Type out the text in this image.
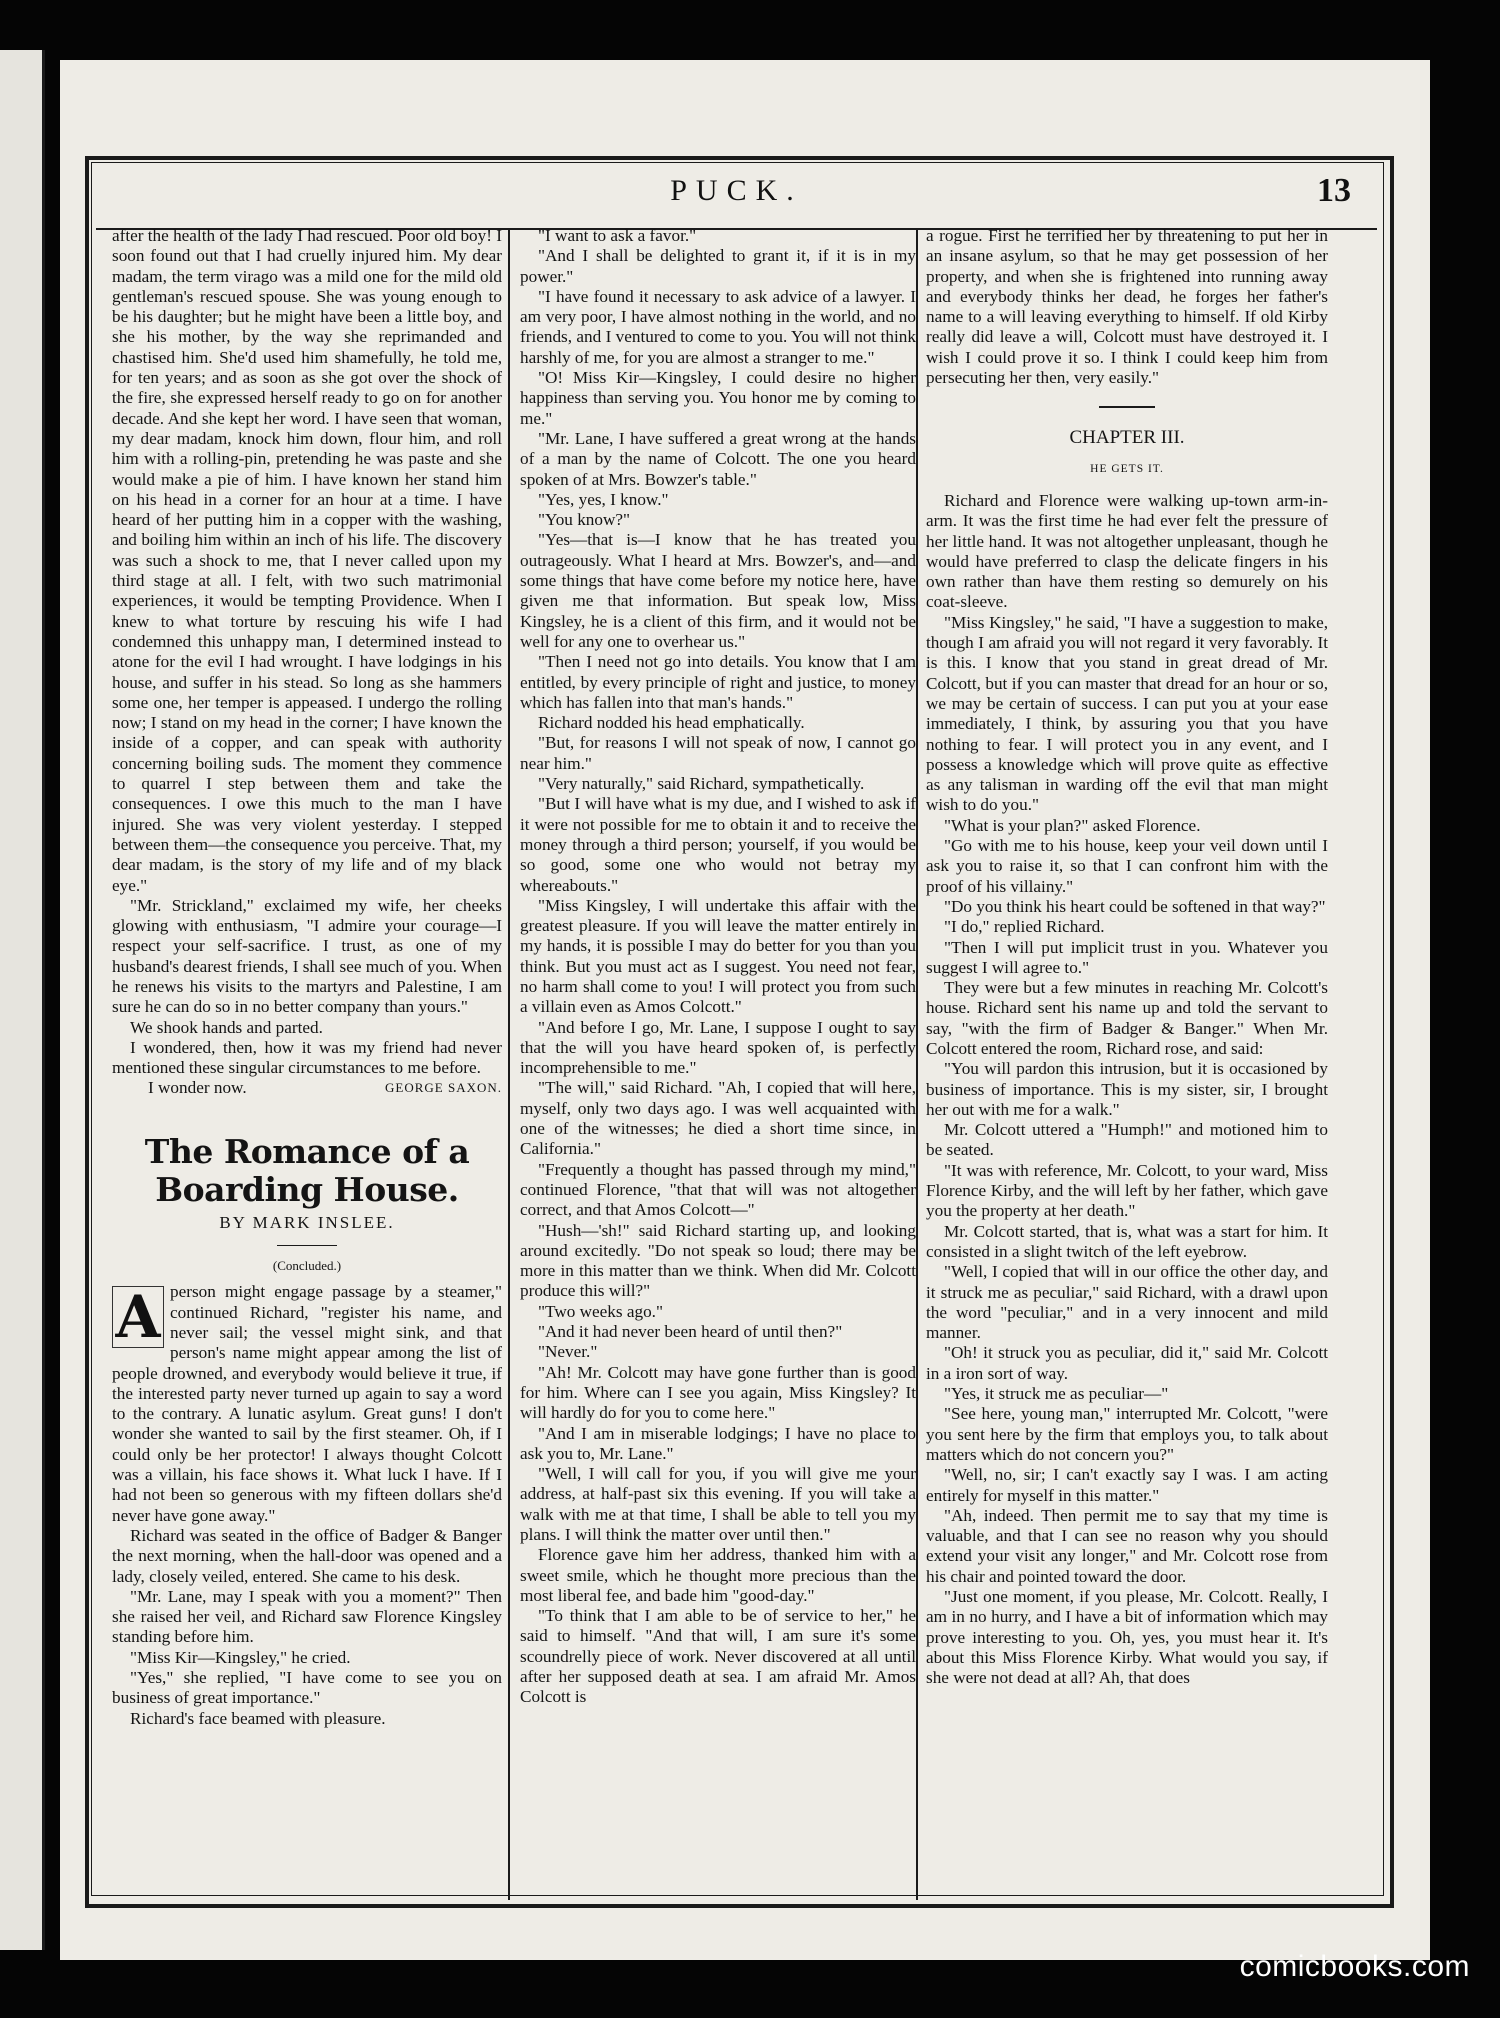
PUCK.	13

after the health of the lady I had rescued. Poor old boy! I soon found out that I had cruelly injured him. My dear madam, the term virago was a mild one for the mild old gentleman's rescued spouse. She was young enough to be his daughter; but he might have been a little boy, and she his mother, by the way she reprimanded and chastised him. She'd used him shamefully, he told me, for ten years; and as soon as she got over the shock of the fire, she expressed herself ready to go on for another decade. And she kept her word. I have seen that woman, my dear madam, knock him down, flour him, and roll him with a rolling-pin, pretending he was paste and she would make a pie of him. I have known her stand him on his head in a corner for an hour at a time. I have heard of her putting him in a copper with the washing, and boiling him within an inch of his life. The discovery was such a shock to me, that I never called upon my third stage at all. I felt, with two such matrimonial experiences, it would be tempting Providence. When I knew to what torture by rescuing his wife I had condemned this unhappy man, I determined instead to atone for the evil I had wrought. I have lodgings in his house, and suffer in his stead. So long as she hammers some one, her temper is appeased. I undergo the rolling now; I stand on my head in the corner; I have known the inside of a copper, and can speak with authority concerning boiling suds. The moment they commence to quarrel I step between them and take the consequences. I owe this much to the man I have injured. She was very violent yesterday. I stepped between them—the consequence you perceive. That, my dear madam, is the story of my life and of my black eye."

"Mr. Strickland," exclaimed my wife, her cheeks glowing with enthusiasm, "I admire your courage—I respect your self-sacrifice. I trust, as one of my husband's dearest friends, I shall see much of you. When he renews his visits to the martyrs and Palestine, I am sure he can do so in no better company than yours."

We shook hands and parted.

I wondered, then, how it was my friend had never mentioned these singular circumstances to me before.

I wonder now.	GEORGE SAXON.

The Romance of a Boarding House.
BY MARK INSLEE.
(Concluded.)

A person might engage passage by a steamer," continued Richard, "register his name, and never sail; the vessel might sink, and that person's name might appear among the list of people drowned, and everybody would believe it true, if the interested party never turned up again to say a word to the contrary. A lunatic asylum. Great guns! I don't wonder she wanted to sail by the first steamer. Oh, if I could only be her protector! I always thought Colcott was a villain, his face shows it. What luck I have. If I had not been so generous with my fifteen dollars she'd never have gone away."

Richard was seated in the office of Badger & Banger the next morning, when the hall-door was opened and a lady, closely veiled, entered. She came to his desk.

"Mr. Lane, may I speak with you a moment?" Then she raised her veil, and Richard saw Florence Kingsley standing before him.

"Miss Kir—Kingsley," he cried.

"Yes," she replied, "I have come to see you on business of great importance."

Richard's face beamed with pleasure.

"I want to ask a favor."

"And I shall be delighted to grant it, if it is in my power."

"I have found it necessary to ask advice of a lawyer. I am very poor, I have almost nothing in the world, and no friends, and I ventured to come to you. You will not think harshly of me, for you are almost a stranger to me."

"O! Miss Kir—Kingsley, I could desire no higher happiness than serving you. You honor me by coming to me."

"Mr. Lane, I have suffered a great wrong at the hands of a man by the name of Colcott. The one you heard spoken of at Mrs. Bowzer's table."

"Yes, yes, I know."

"You know?"

"Yes—that is—I know that he has treated you outrageously. What I heard at Mrs. Bowzer's, and—and some things that have come before my notice here, have given me that information. But speak low, Miss Kingsley, he is a client of this firm, and it would not be well for any one to overhear us."

"Then I need not go into details. You know that I am entitled, by every principle of right and justice, to money which has fallen into that man's hands."

Richard nodded his head emphatically.

"But, for reasons I will not speak of now, I cannot go near him."

"Very naturally," said Richard, sympathetically.

"But I will have what is my due, and I wished to ask if it were not possible for me to obtain it and to receive the money through a third person; yourself, if you would be so good, some one who would not betray my whereabouts."

"Miss Kingsley, I will undertake this affair with the greatest pleasure. If you will leave the matter entirely in my hands, it is possible I may do better for you than you think. But you must act as I suggest. You need not fear, no harm shall come to you! I will protect you from such a villain even as Amos Colcott."

"And before I go, Mr. Lane, I suppose I ought to say that the will you have heard spoken of, is perfectly incomprehensible to me."

"The will," said Richard. "Ah, I copied that will here, myself, only two days ago. I was well acquainted with one of the witnesses; he died a short time since, in California."

"Frequently a thought has passed through my mind," continued Florence, "that that will was not altogether correct, and that Amos Colcott—"

"Hush—'sh!" said Richard starting up, and looking around excitedly. "Do not speak so loud; there may be more in this matter than we think. When did Mr. Colcott produce this will?"

"Two weeks ago."

"And it had never been heard of until then?"

"Never."

"Ah! Mr. Colcott may have gone further than is good for him. Where can I see you again, Miss Kingsley? It will hardly do for you to come here."

"And I am in miserable lodgings; I have no place to ask you to, Mr. Lane."

"Well, I will call for you, if you will give me your address, at half-past six this evening. If you will take a walk with me at that time, I shall be able to tell you my plans. I will think the matter over until then."

Florence gave him her address, thanked him with a sweet smile, which he thought more precious than the most liberal fee, and bade him "good-day."

"To think that I am able to be of service to her," he said to himself. "And that will, I am sure it's some scoundrelly piece of work. Never discovered at all until after her supposed death at sea. I am afraid Mr. Amos Colcott is

a rogue. First he terrified her by threatening to put her in an insane asylum, so that he may get possession of her property, and when she is frightened into running away and everybody thinks her dead, he forges her father's name to a will leaving everything to himself. If old Kirby really did leave a will, Colcott must have destroyed it. I wish I could prove it so. I think I could keep him from persecuting her then, very easily."

CHAPTER III.
HE GETS IT.

Richard and Florence were walking up-town arm-in-arm. It was the first time he had ever felt the pressure of her little hand. It was not altogether unpleasant, though he would have preferred to clasp the delicate fingers in his own rather than have them resting so demurely on his coat-sleeve.

"Miss Kingsley," he said, "I have a suggestion to make, though I am afraid you will not regard it very favorably. It is this. I know that you stand in great dread of Mr. Colcott, but if you can master that dread for an hour or so, we may be certain of success. I can put you at your ease immediately, I think, by assuring you that you have nothing to fear. I will protect you in any event, and I possess a knowledge which will prove quite as effective as any talisman in warding off the evil that man might wish to do you."

"What is your plan?" asked Florence.

"Go with me to his house, keep your veil down until I ask you to raise it, so that I can confront him with the proof of his villainy."

"Do you think his heart could be softened in that way?"

"I do," replied Richard.

"Then I will put implicit trust in you. Whatever you suggest I will agree to."

They were but a few minutes in reaching Mr. Colcott's house. Richard sent his name up and told the servant to say, "with the firm of Badger & Banger." When Mr. Colcott entered the room, Richard rose, and said:

"You will pardon this intrusion, but it is occasioned by business of importance. This is my sister, sir, I brought her out with me for a walk."

Mr. Colcott uttered a "Humph!" and motioned him to be seated.

"It was with reference, Mr. Colcott, to your ward, Miss Florence Kirby, and the will left by her father, which gave you the property at her death."

Mr. Colcott started, that is, what was a start for him. It consisted in a slight twitch of the left eyebrow.

"Well, I copied that will in our office the other day, and it struck me as peculiar," said Richard, with a drawl upon the word "peculiar," and in a very innocent and mild manner.

"Oh! it struck you as peculiar, did it," said Mr. Colcott in a iron sort of way.

"Yes, it struck me as peculiar—"

"See here, young man," interrupted Mr. Colcott, "were you sent here by the firm that employs you, to talk about matters which do not concern you?"

"Well, no, sir; I can't exactly say I was. I am acting entirely for myself in this matter."

"Ah, indeed. Then permit me to say that my time is valuable, and that I can see no reason why you should extend your visit any longer," and Mr. Colcott rose from his chair and pointed toward the door.

"Just one moment, if you please, Mr. Colcott. Really, I am in no hurry, and I have a bit of information which may prove interesting to you. Oh, yes, you must hear it. It's about this Miss Florence Kirby. What would you say, if she were not dead at all? Ah, that does

comicbooks.com
